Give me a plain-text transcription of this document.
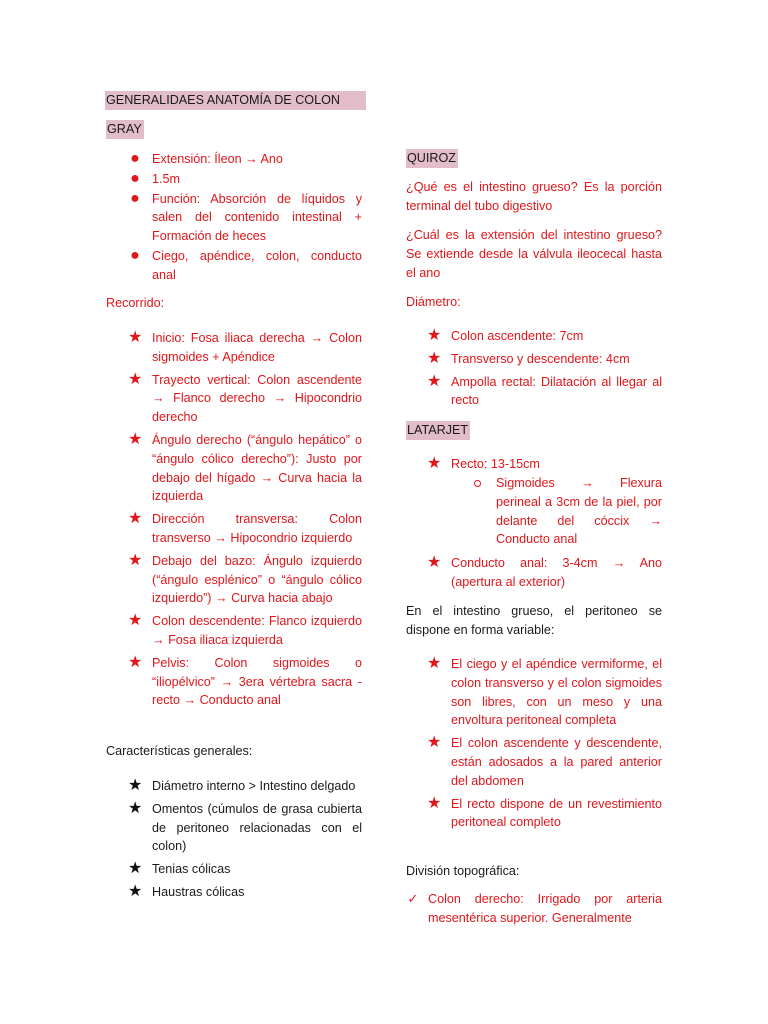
GENERALIDAES ANATOMÍA DE COLON
GRAY
● Extensión: Íleon → Ano
● 1.5m
● Función: Absorción de líquidos y salen del contenido intestinal + Formación de heces
● Ciego, apéndice, colon, conducto anal
Recorrido:
★ Inicio: Fosa iliaca derecha → Colon sigmoides + Apéndice
★ Trayecto vertical: Colon ascendente → Flanco derecho → Hipocondrio derecho
★ Ángulo derecho (“ángulo hepático” o “ángulo cólico derecho”): Justo por debajo del hígado → Curva hacia la izquierda
★ Dirección transversa: Colon transverso → Hipocondrio izquierdo
★ Debajo del bazo: Ángulo izquierdo (“ángulo esplénico” o “ángulo cólico izquierdo”) → Curva hacia abajo
★ Colon descendente: Flanco izquierdo → Fosa iliaca izquierda
★ Pelvis: Colon sigmoides o “iliopélvico” → 3era vértebra sacra - recto → Conducto anal
Características generales:
★ Diámetro interno > Intestino delgado
★ Omentos (cúmulos de grasa cubierta de peritoneo relacionadas con el colon)
★ Tenias cólicas
★ Haustras cólicas
QUIROZ
¿Qué es el intestino grueso? Es la porción terminal del tubo digestivo
¿Cuál es la extensión del intestino grueso? Se extiende desde la válvula ileocecal hasta el ano
Diámetro:
★ Colon ascendente: 7cm
★ Transverso y descendente: 4cm
★ Ampolla rectal: Dilatación al llegar al recto
LATARJET
★ Recto: 13-15cm
Sigmoides → Flexura perineal a 3cm de la piel, por delante del cóccix → Conducto anal
★ Conducto anal: 3-4cm → Ano (apertura al exterior)
En el intestino grueso, el peritoneo se dispone en forma variable:
★ El ciego y el apéndice vermiforme, el colon transverso y el colon sigmoides son libres, con un meso y una envoltura peritoneal completa
★ El colon ascendente y descendente, están adosados a la pared anterior del abdomen
★ El recto dispone de un revestimiento peritoneal completo
División topográfica:
✓ Colon derecho: Irrigado por arteria mesentérica superior. Generalmente
